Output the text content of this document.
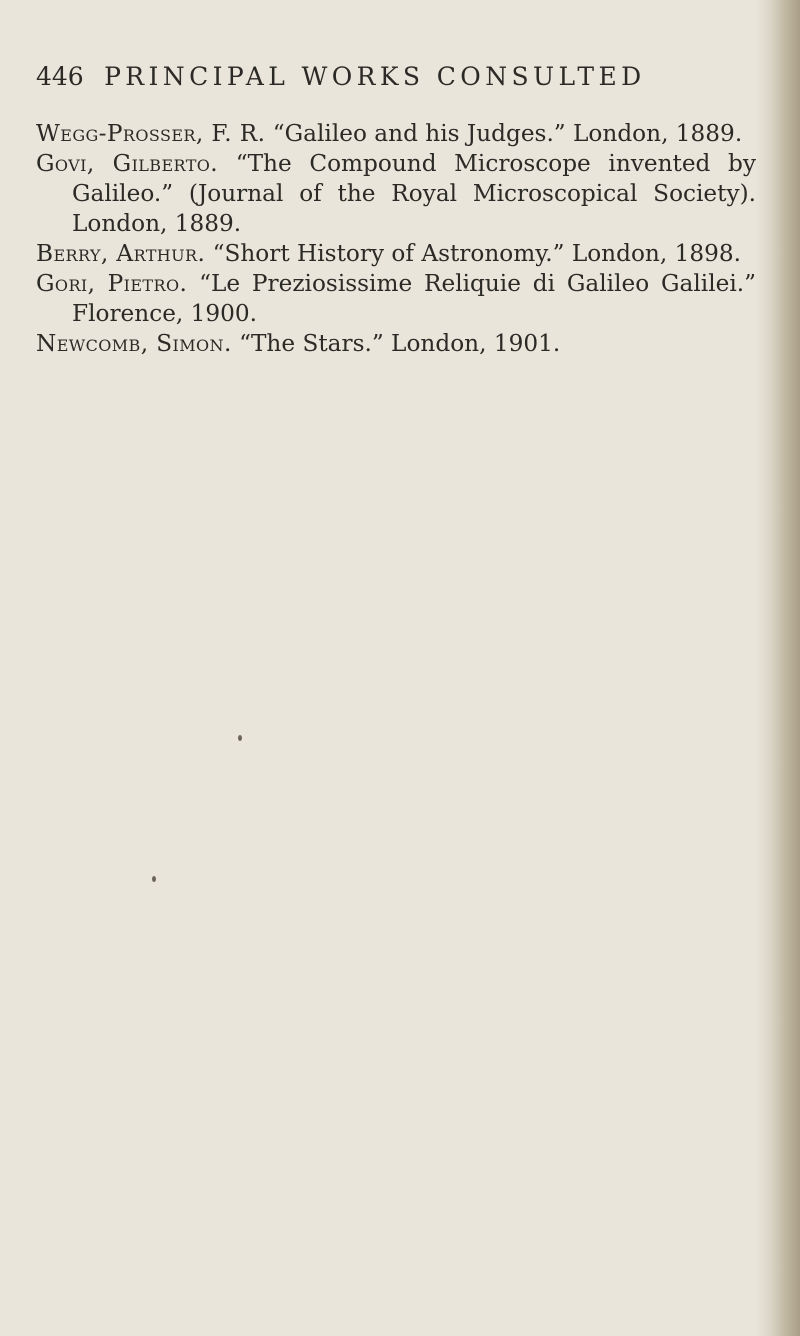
446 PRINCIPAL WORKS CONSULTED

Wegg-Prosser, F. R. “Galileo and his Judges.” London, 1889.

Govi, Gilberto. “The Compound Microscope invented by Galileo.” (Journal of the Royal Microscopical Society). London, 1889.

Berry, Arthur. “Short History of Astronomy.” London, 1898.

Gori, Pietro. “Le Preziosissime Reliquie di Galileo Galilei.” Florence, 1900.

Newcomb, Simon. “The Stars.” London, 1901.
